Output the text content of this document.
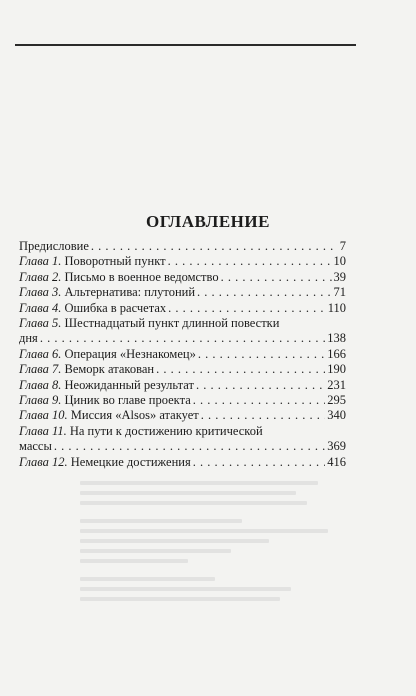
ОГЛАВЛЕНИЕ
Предисловие . . .	7
Глава 1. Поворотный пункт . . .	10
Глава 2. Письмо в военное ведомство . . .	39
Глава 3. Альтернатива: плутоний . . .	71
Глава 4. Ошибка в расчетах . . .	110
Глава 5. Шестнадцатый пункт длинной повестки
дня . . .	138
Глава 6. Операция «Незнакомец» . . .	166
Глава 7. Веморк атакован . . .	190
Глава 8. Неожиданный результат . . .	231
Глава 9. Циник во главе проекта . . .	295
Глава 10. Миссия «Alsos» атакует . . .	340
Глава 11. На пути к достижению критической
массы . . .	369
Глава 12. Немецкие достижения . . .	416
